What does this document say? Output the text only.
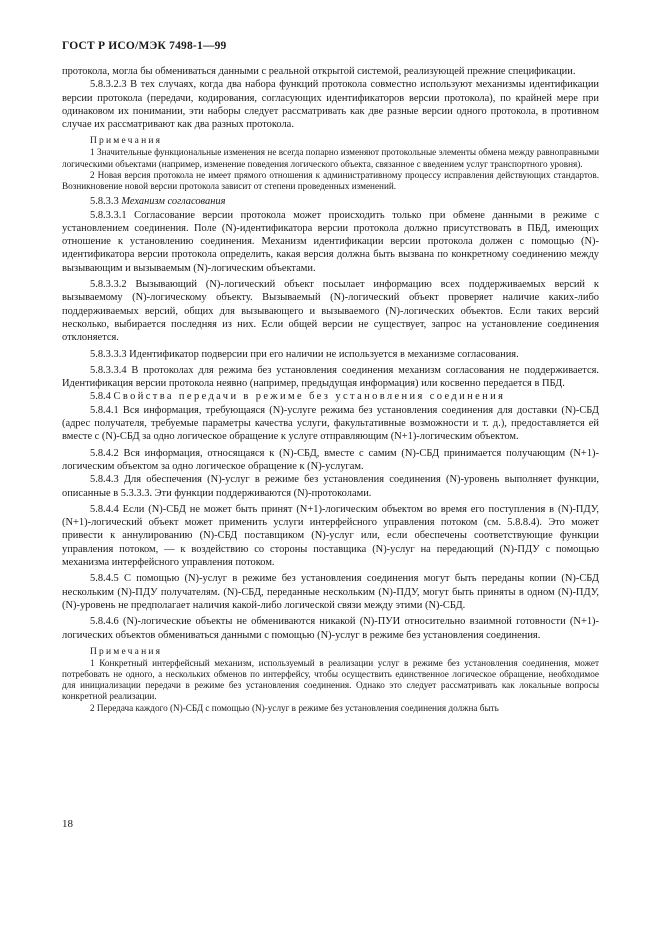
ГОСТ Р ИСО/МЭК 7498-1—99

протокола, могла бы обмениваться данными с реальной открытой системой, реализующей прежние спецификации.

5.8.3.2.3 В тех случаях, когда два набора функций протокола совместно используют механизмы идентификации версии протокола (передачи, кодирования, согласующих идентификаторов версии протокола), по крайней мере при одинаковом их понимании, эти наборы следует рассматривать как две разные версии одного протокола, в противном случае их рассматривают как два разных протокола.

Примечания
1 Значительные функциональные изменения не всегда попарно изменяют протокольные элементы обмена между равноправными логическими объектами (например, изменение поведения логического объекта, связанное с введением услуг транспортного уровня).
2 Новая версия протокола не имеет прямого отношения к административному процессу исправления действующих стандартов. Возникновение новой версии протокола зависит от степени проведенных изменений.

5.8.3.3 Механизм согласования

5.8.3.3.1 Согласование версии протокола может происходить только при обмене данными в режиме с установлением соединения. Поле (N)-идентификатора версии протокола должно присутствовать в ПБД, имеющих отношение к установлению соединения. Механизм идентификации версии протокола должен с помощью (N)-идентификатора версии протокола определить, какая версия должна быть вызвана по конкретному соединению между вызывающим и вызываемым (N)-логическим объектами.

5.8.3.3.2 Вызывающий (N)-логический объект посылает информацию всех поддерживаемых версий к вызываемому (N)-логическому объекту. Вызываемый (N)-логический объект проверяет наличие каких-либо поддерживаемых версий, общих для вызывающего и вызываемого (N)-логических объектов. Если таких версий несколько, выбирается последняя из них. Если общей версии не существует, запрос на установление соединения отклоняется.

5.8.3.3.3 Идентификатор подверсии при его наличии не используется в механизме согласования.

5.8.3.3.4 В протоколах для режима без установления соединения механизм согласования не поддерживается. Идентификация версии протокола неявно (например, предыдущая информация) или косвенно передается в ПБД.

5.8.4 Свойства передачи в режиме без установления соединения

5.8.4.1 Вся информация, требующаяся (N)-услуге режима без установления соединения для доставки (N)-СБД (адрес получателя, требуемые параметры качества услуги, факультативные возможности и т. д.), предоставляется ей вместе с (N)-СБД за одно логическое обращение к услуге отправляющим (N+1)-логическим объектом.

5.8.4.2 Вся информация, относящаяся к (N)-СБД, вместе с самим (N)-СБД принимается получающим (N+1)-логическим объектом за одно логическое обращение к (N)-услугам.

5.8.4.3 Для обеспечения (N)-услуг в режиме без установления соединения (N)-уровень выполняет функции, описанные в 5.3.3.3. Эти функции поддерживаются (N)-протоколами.

5.8.4.4 Если (N)-СБД не может быть принят (N+1)-логическим объектом во время его поступления в (N)-ПДУ, (N+1)-логический объект может применить услуги интерфейсного управления потоком (см. 5.8.8.4). Это может привести к аннулированию (N)-СБД поставщиком (N)-услуг или, если обеспечены соответствующие функции управления потоком, — к воздействию со стороны поставщика (N)-услуг на передающий (N)-ПДУ с помощью механизма интерфейсного управления потоком.

5.8.4.5 С помощью (N)-услуг в режиме без установления соединения могут быть переданы копии (N)-СБД нескольким (N)-ПДУ получателям. (N)-СБД, переданные нескольким (N)-ПДУ, могут быть приняты в одном (N)-ПДУ, (N)-уровень не предполагает наличия какой-либо логической связи между этими (N)-СБД.

5.8.4.6 (N)-логические объекты не обмениваются никакой (N)-ПУИ относительно взаимной готовности (N+1)-логических объектов обмениваться данными с помощью (N)-услуг в режиме без установления соединения.

Примечания
1 Конкретный интерфейсный механизм, используемый в реализации услуг в режиме без установления соединения, может потребовать не одного, а нескольких обменов по интерфейсу, чтобы осуществить единственное логическое обращение, необходимое для инициализации передачи в режиме без установления соединения. Однако это следует рассматривать как локальные вопросы конкретной реализации.
2 Передача каждого (N)-СБД с помощью (N)-услуг в режиме без установления соединения должна быть
18
